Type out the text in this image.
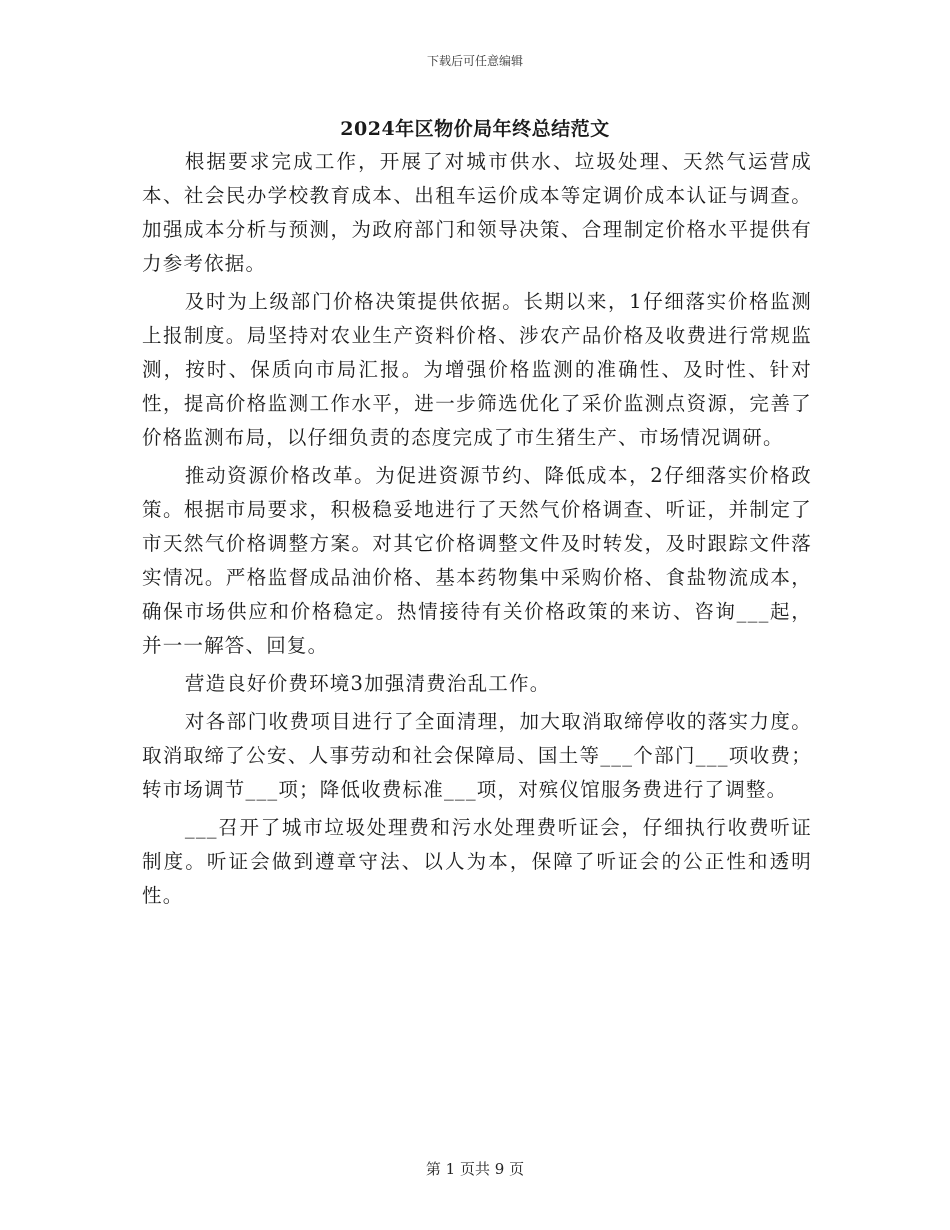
下载后可任意编辑
2024年区物价局年终总结范文

根据要求完成工作，开展了对城市供水、垃圾处理、天然气运营成本、社会民办学校教育成本、出租车运价成本等定调价成本认证与调查。加强成本分析与预测，为政府部门和领导决策、合理制定价格水平提供有力参考依据。

及时为上级部门价格决策提供依据。长期以来，1仔细落实价格监测上报制度。局坚持对农业生产资料价格、涉农产品价格及收费进行常规监测，按时、保质向市局汇报。为增强价格监测的准确性、及时性、针对性，提高价格监测工作水平，进一步筛选优化了采价监测点资源，完善了价格监测布局，以仔细负责的态度完成了市生猪生产、市场情况调研。

推动资源价格改革。为促进资源节约、降低成本，2仔细落实价格政策。根据市局要求，积极稳妥地进行了天然气价格调查、听证，并制定了市天然气价格调整方案。对其它价格调整文件及时转发，及时跟踪文件落实情况。严格监督成品油价格、基本药物集中采购价格、食盐物流成本，确保市场供应和价格稳定。热情接待有关价格政策的来访、咨询___起，并一一解答、回复。

营造良好价费环境3加强清费治乱工作。

对各部门收费项目进行了全面清理，加大取消取缔停收的落实力度。取消取缔了公安、人事劳动和社会保障局、国土等___个部门___项收费；转市场调节___项；降低收费标准___项，对殡仪馆服务费进行了调整。

___召开了城市垃圾处理费和污水处理费听证会，仔细执行收费听证制度。听证会做到遵章守法、以人为本，保障了听证会的公正性和透明性。

第 1 页共 9 页
